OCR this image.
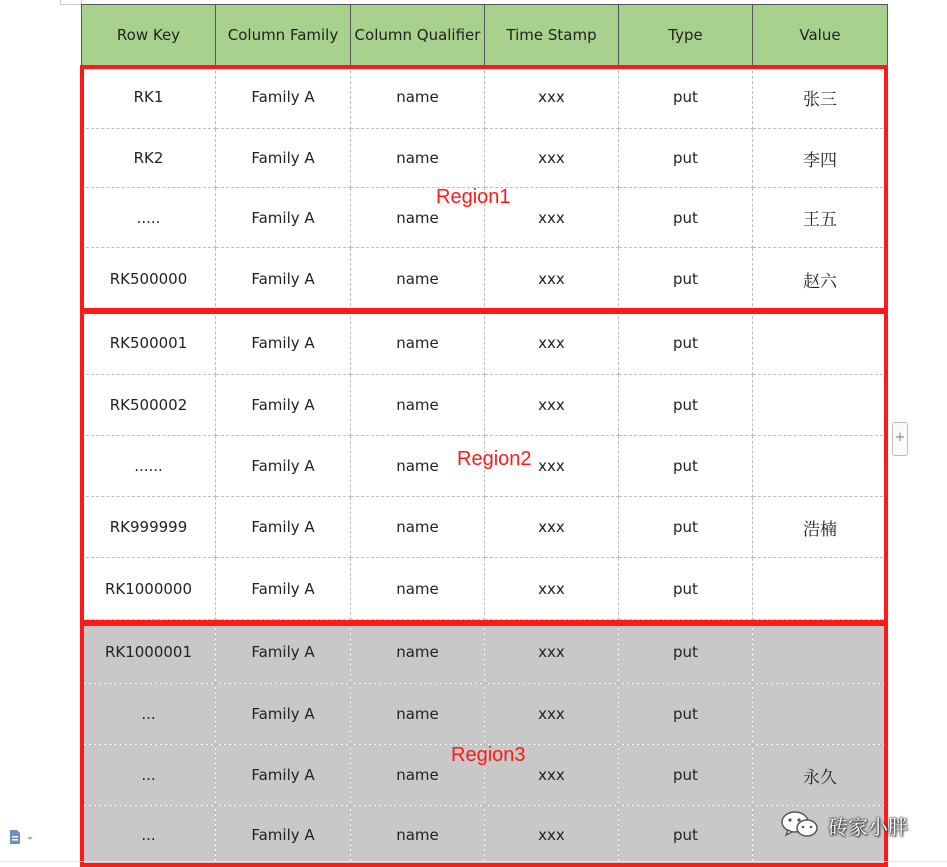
Row Key	Column Family	Column Qualifier	Time Stamp	Type	Value
RK1	Family A	name	xxx	put	张三
RK2	Family A	name	xxx	put	李四
.....	Family A	name	xxx	put	王五
RK500000	Family A	name	xxx	put	赵六
RK500001	Family A	name	xxx	put	
RK500002	Family A	name	xxx	put	
......	Family A	name	xxx	put	
RK999999	Family A	name	xxx	put	浩楠
RK1000000	Family A	name	xxx	put	
RK1000001	Family A	name	xxx	put	
...	Family A	name	xxx	put	
...	Family A	name	xxx	put	永久
...	Family A	name	xxx	put	
Region1
Region2
Region3
+
砖家小胖
